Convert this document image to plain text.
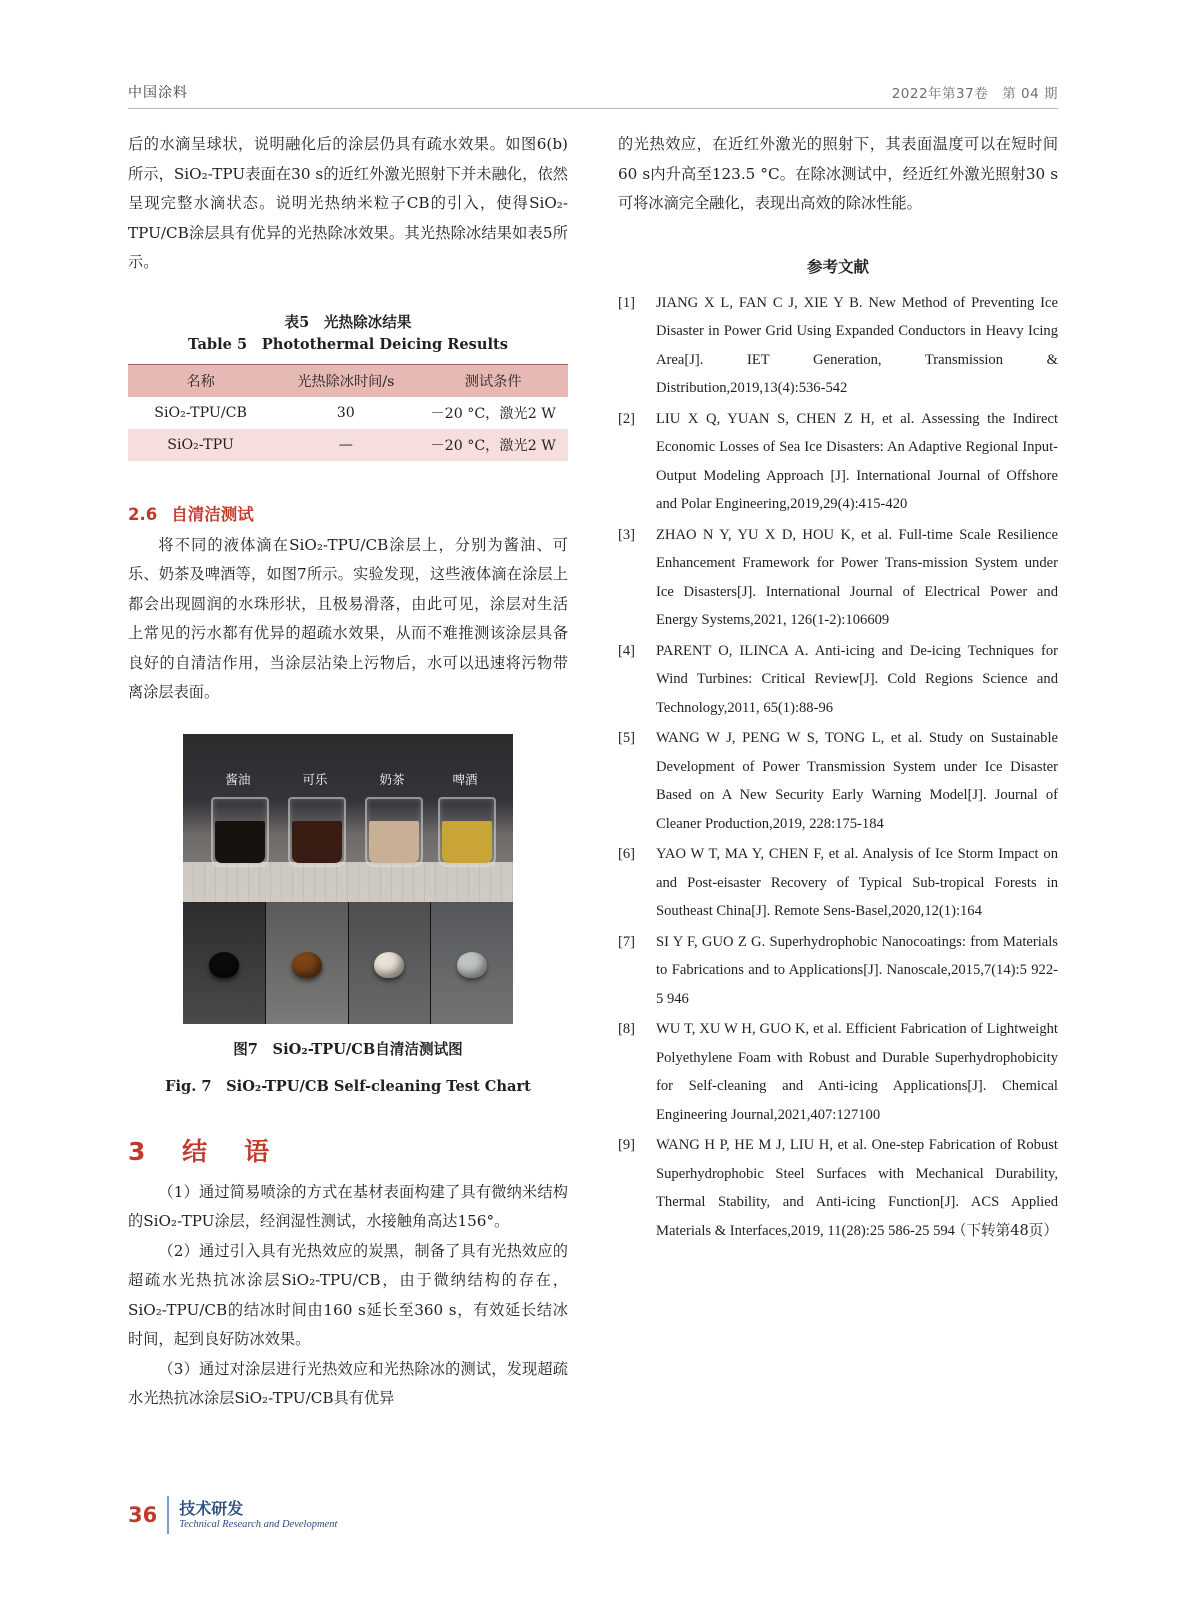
中国涂料	2022年第37卷　第 04 期

后的水滴呈球状，说明融化后的涂层仍具有疏水效果。如图6(b)所示，SiO₂-TPU表面在30 s的近红外激光照射下并未融化，依然呈现完整水滴状态。说明光热纳米粒子CB的引入，使得SiO₂-TPU/CB涂层具有优异的光热除冰效果。其光热除冰结果如表5所示。

表5　光热除冰结果
Table 5　Photothermal Deicing Results
名称	光热除冰时间/s	测试条件
SiO₂-TPU/CB	30	－20 °C，激光2 W
SiO₂-TPU	—	－20 °C，激光2 W
2.6 自清洁测试

将不同的液体滴在SiO₂-TPU/CB涂层上，分别为酱油、可乐、奶茶及啤酒等，如图7所示。实验发现，这些液体滴在涂层上都会出现圆润的水珠形状，且极易滑落，由此可见，涂层对生活上常见的污水都有优异的超疏水效果，从而不难推测该涂层具备良好的自清洁作用，当涂层沾染上污物后，水可以迅速将污物带离涂层表面。

酱油	可乐	奶茶	啤酒
图7　SiO₂-TPU/CB自清洁测试图
Fig. 7　SiO₂-TPU/CB Self-cleaning Test Chart
3 结　语

（1）通过简易喷涂的方式在基材表面构建了具有微纳米结构的SiO₂-TPU涂层，经润湿性测试，水接触角高达156°。

（2）通过引入具有光热效应的炭黑，制备了具有光热效应的超疏水光热抗冰涂层SiO₂-TPU/CB，由于微纳结构的存在，SiO₂-TPU/CB的结冰时间由160 s延长至360 s，有效延长结冰时间，起到良好防冰效果。

（3）通过对涂层进行光热效应和光热除冰的测试，发现超疏水光热抗冰涂层SiO₂-TPU/CB具有优异

的光热效应，在近红外激光的照射下，其表面温度可以在短时间60 s内升高至123.5 °C。在除冰测试中，经近红外激光照射30 s可将冰滴完全融化，表现出高效的除冰性能。

参考文献
[1]	JIANG X L, FAN C J, XIE Y B. New Method of Preventing Ice Disaster in Power Grid Using Expanded Conductors in Heavy Icing Area[J]. IET Generation, Transmission & Distribution,2019,13(4):536-542
[2]	LIU X Q, YUAN S, CHEN Z H, et al. Assessing the Indirect Economic Losses of Sea Ice Disasters: An Adaptive Regional Input-Output Modeling Approach [J]. International Journal of Offshore and Polar Engineering,2019,29(4):415-420
[3]	ZHAO N Y, YU X D, HOU K, et al. Full-time Scale Resilience Enhancement Framework for Power Trans-mission System under Ice Disasters[J]. International Journal of Electrical Power and Energy Systems,2021, 126(1-2):106609
[4]	PARENT O, ILINCA A. Anti-icing and De-icing Techniques for Wind Turbines: Critical Review[J]. Cold Regions Science and Technology,2011, 65(1):88-96
[5]	WANG W J, PENG W S, TONG L, et al. Study on Sustainable Development of Power Transmission System under Ice Disaster Based on A New Security Early Warning Model[J]. Journal of Cleaner Production,2019, 228:175-184
[6]	YAO W T, MA Y, CHEN F, et al. Analysis of Ice Storm Impact on and Post-eisaster Recovery of Typical Sub-tropical Forests in Southeast China[J]. Remote Sens-Basel,2020,12(1):164
[7]	SI Y F, GUO Z G. Superhydrophobic Nanocoatings: from Materials to Fabrications and to Applications[J]. Nanoscale,2015,7(14):5 922-5 946
[8]	WU T, XU W H, GUO K, et al. Efficient Fabrication of Lightweight Polyethylene Foam with Robust and Durable Superhydrophobicity for Self-cleaning and Anti-icing Applications[J]. Chemical Engineering Journal,2021,407:127100
[9]	WANG H P, HE M J, LIU H, et al. One-step Fabrication of Robust Superhydrophobic Steel Surfaces with Mechanical Durability, Thermal Stability, and Anti-icing Function[J]. ACS Applied Materials & Interfaces,2019, 11(28):25 586-25 594
（下转第48页）
36 技术研发
Technical Research and Development
